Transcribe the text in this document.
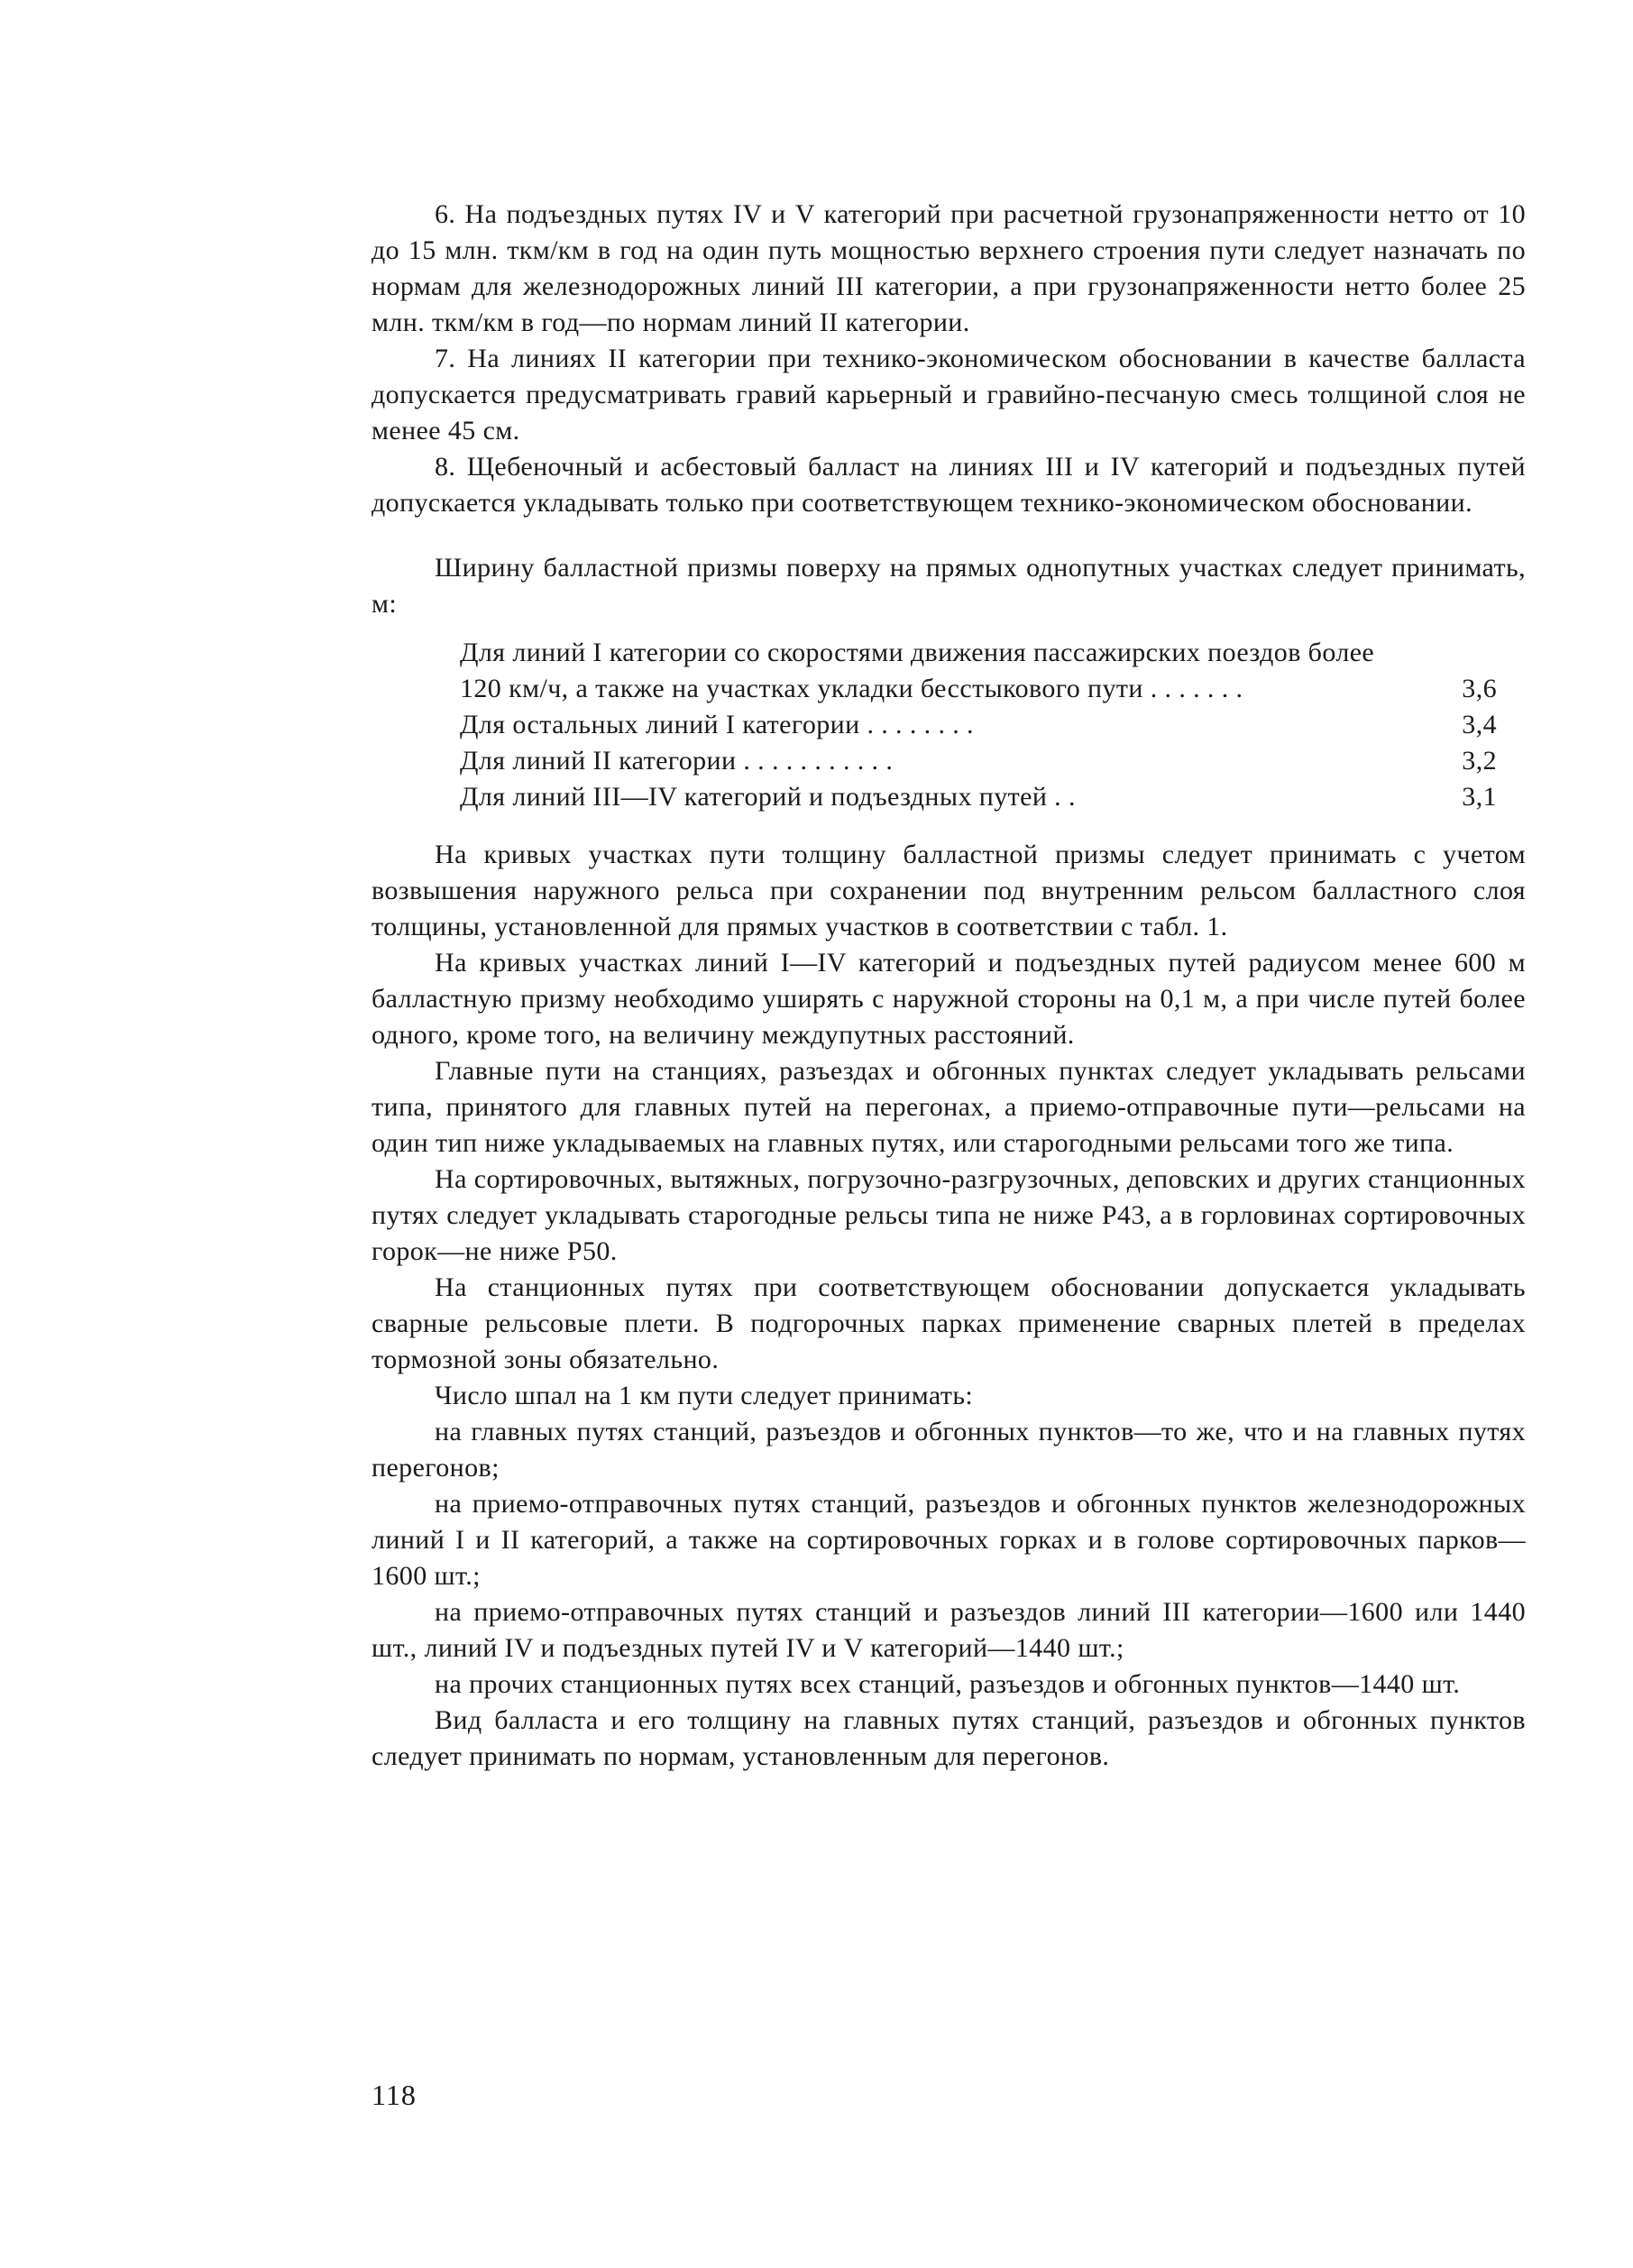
6. На подъездных путях IV и V категорий при расчетной грузонапряженности нетто от 10 до 15 млн. ткм/км в год на один путь мощностью верхнего строения пути следует назначать по нормам для железнодорожных линий III категории, а при грузонапряженности нетто более 25 млн. ткм/км в год—по нормам линий II категории.

7. На линиях II категории при технико-экономическом обосновании в качестве балласта допускается предусматривать гравий карьерный и гравийно-песчаную смесь толщиной слоя не менее 45 см.

8. Щебеночный и асбестовый балласт на линиях III и IV категорий и подъездных путей допускается укладывать только при соответствующем технико-экономическом обосновании.

Ширину балластной призмы поверху на прямых однопутных участках следует принимать, м:

Для линий I категории со скоростями движения пассажирских поездов более 120 км/ч, а также на участках укладки бесстыкового пути . . . . . . .	3,6
Для остальных линий I категории . . . . . . . .	3,4
Для линий II категории . . . . . . . . . . .	3,2
Для линий III—IV категорий и подъездных путей . .	3,1

На кривых участках пути толщину балластной призмы следует принимать с учетом возвышения наружного рельса при сохранении под внутренним рельсом балластного слоя толщины, установленной для прямых участков в соответствии с табл. 1.

На кривых участках линий I—IV категорий и подъездных путей радиусом менее 600 м балластную призму необходимо уширять с наружной стороны на 0,1 м, а при числе путей более одного, кроме того, на величину междупутных расстояний.

Главные пути на станциях, разъездах и обгонных пунктах следует укладывать рельсами типа, принятого для главных путей на перегонах, а приемо-отправочные пути—рельсами на один тип ниже укладываемых на главных путях, или старогодными рельсами того же типа.

На сортировочных, вытяжных, погрузочно-разгрузочных, деповских и других станционных путях следует укладывать старогодные рельсы типа не ниже Р43, а в горловинах сортировочных горок—не ниже Р50.

На станционных путях при соответствующем обосновании допускается укладывать сварные рельсовые плети. В подгорочных парках применение сварных плетей в пределах тормозной зоны обязательно.

Число шпал на 1 км пути следует принимать:

на главных путях станций, разъездов и обгонных пунктов—то же, что и на главных путях перегонов;

на приемо-отправочных путях станций, разъездов и обгонных пунктов железнодорожных линий I и II категорий, а также на сортировочных горках и в голове сортировочных парков—1600 шт.;

на приемо-отправочных путях станций и разъездов линий III категории—1600 или 1440 шт., линий IV и подъездных путей IV и V категорий—1440 шт.;

на прочих станционных путях всех станций, разъездов и обгонных пунктов—1440 шт.

Вид балласта и его толщину на главных путях станций, разъездов и обгонных пунктов следует принимать по нормам, установленным для перегонов.

118
